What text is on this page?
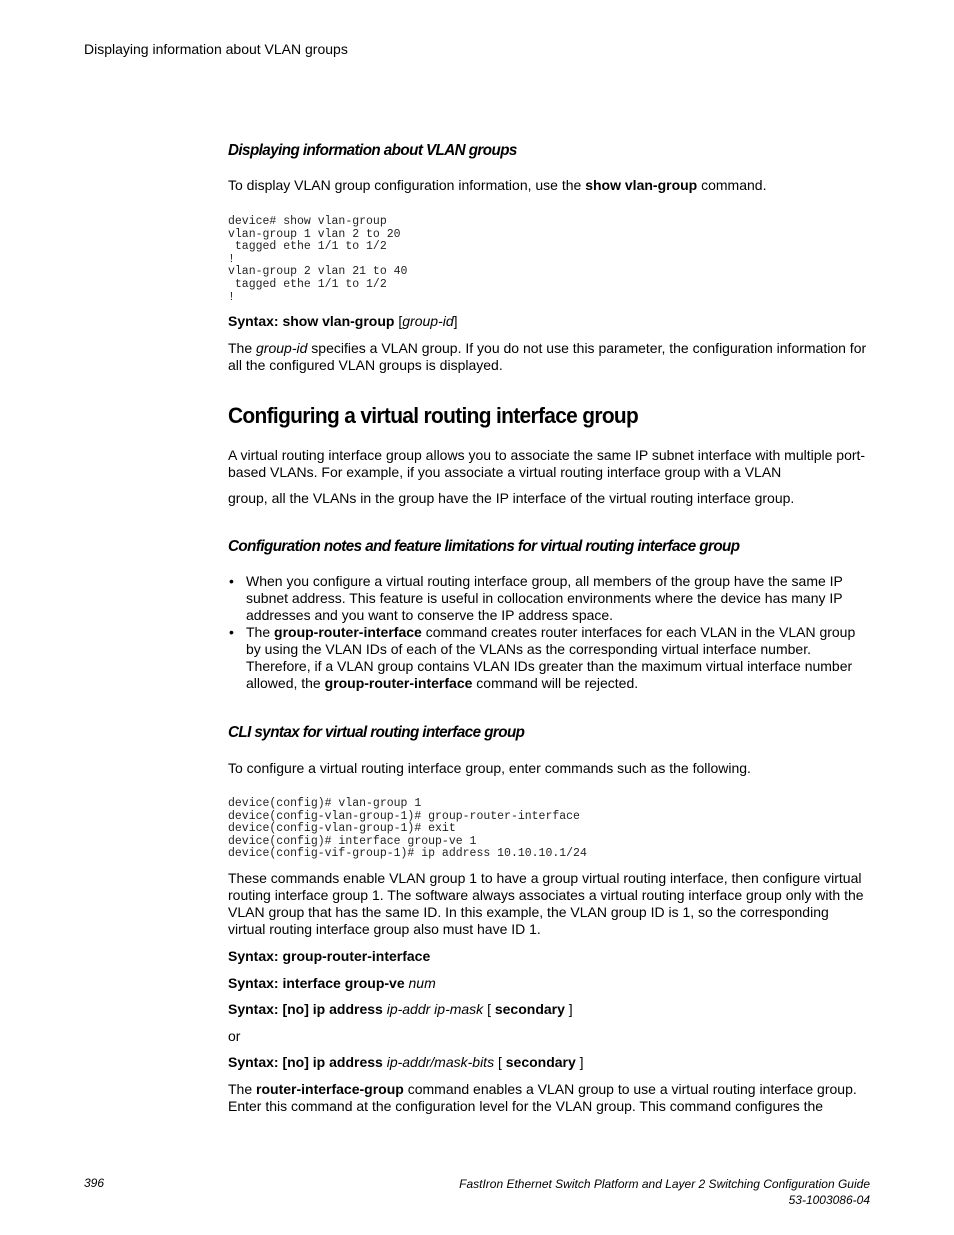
Displaying information about VLAN groups
Displaying information about VLAN groups
To display VLAN group configuration information, use the show vlan-group command.
device# show vlan-group
vlan-group 1 vlan 2 to 20
tagged ethe 1/1 to 1/2
!
vlan-group 2 vlan 21 to 40
tagged ethe 1/1 to 1/2
!
Syntax: show vlan-group [group-id]
The group-id specifies a VLAN group. If you do not use this parameter, the configuration information for all the configured VLAN groups is displayed.
Configuring a virtual routing interface group
A virtual routing interface group allows you to associate the same IP subnet interface with multiple port-based VLANs. For example, if you associate a virtual routing interface group with a VLAN
group, all the VLANs in the group have the IP interface of the virtual routing interface group.
Configuration notes and feature limitations for virtual routing interface group
• When you configure a virtual routing interface group, all members of the group have the same IP subnet address. This feature is useful in collocation environments where the device has many IP addresses and you want to conserve the IP address space.
• The group-router-interface command creates router interfaces for each VLAN in the VLAN group by using the VLAN IDs of each of the VLANs as the corresponding virtual interface number. Therefore, if a VLAN group contains VLAN IDs greater than the maximum virtual interface number allowed, the group-router-interface command will be rejected.
CLI syntax for virtual routing interface group
To configure a virtual routing interface group, enter commands such as the following.
device(config)# vlan-group 1
device(config-vlan-group-1)# group-router-interface
device(config-vlan-group-1)# exit
device(config)# interface group-ve 1
device(config-vif-group-1)# ip address 10.10.10.1/24
These commands enable VLAN group 1 to have a group virtual routing interface, then configure virtual routing interface group 1. The software always associates a virtual routing interface group only with the VLAN group that has the same ID. In this example, the VLAN group ID is 1, so the corresponding virtual routing interface group also must have ID 1.
Syntax: group-router-interface
Syntax: interface group-ve num
Syntax: [no] ip address ip-addr ip-mask [ secondary ]
or
Syntax: [no] ip address ip-addr/mask-bits [ secondary ]
The router-interface-group command enables a VLAN group to use a virtual routing interface group. Enter this command at the configuration level for the VLAN group. This command configures the
396	FastIron Ethernet Switch Platform and Layer 2 Switching Configuration Guide
53-1003086-04
